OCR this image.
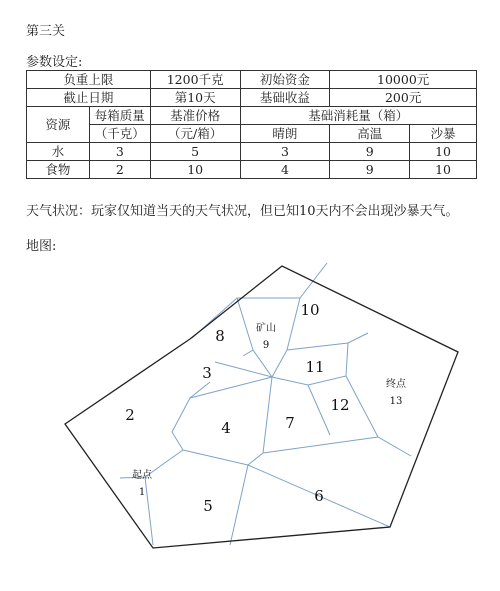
第三关
参数设定:
负重上限		1200千克	初始资金	10000元	
截止日期		第10天	基础收益	200元	
资源	每箱质量	基准价格	基础消耗量（箱）		
	（千克）	（元/箱）	晴朗	高温	沙暴
水	3	5	3	9	10
食物	2	10	4	9	10
天气状况：玩家仅知道当天的天气状况，但已知10天内不会出现沙暴天气。
地图:
2
3
4
5
6
7
8
10
11
12
矿山
9
终点
13
起点
1
